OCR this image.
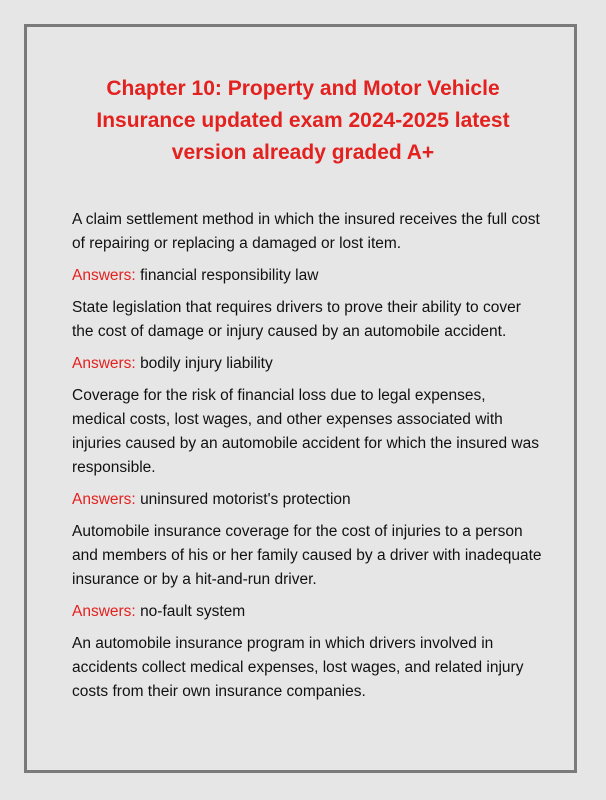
Chapter 10: Property and Motor Vehicle Insurance updated exam 2024-2025 latest version already graded A+

A claim settlement method in which the insured receives the full cost of repairing or replacing a damaged or lost item.

Answers: financial responsibility law

State legislation that requires drivers to prove their ability to cover the cost of damage or injury caused by an automobile accident.

Answers: bodily injury liability

Coverage for the risk of financial loss due to legal expenses, medical costs, lost wages, and other expenses associated with injuries caused by an automobile accident for which the insured was responsible.

Answers: uninsured motorist's protection

Automobile insurance coverage for the cost of injuries to a person and members of his or her family caused by a driver with inadequate insurance or by a hit-and-run driver.

Answers: no-fault system

An automobile insurance program in which drivers involved in accidents collect medical expenses, lost wages, and related injury costs from their own insurance companies.
